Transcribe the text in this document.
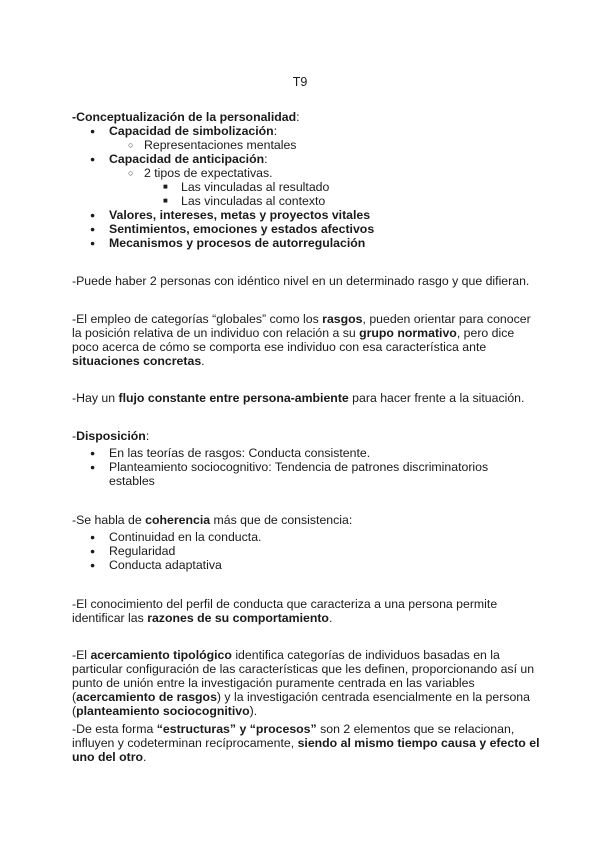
T9
-Conceptualización de la personalidad:
● Capacidad de simbolización:
○ Representaciones mentales
● Capacidad de anticipación:
○ 2 tipos de expectativas.
■ Las vinculadas al resultado
■ Las vinculadas al contexto
● Valores, intereses, metas y proyectos vitales
● Sentimientos, emociones y estados afectivos
● Mecanismos y procesos de autorregulación
-Puede haber 2 personas con idéntico nivel en un determinado rasgo y que difieran.
-El empleo de categorías “globales” como los rasgos, pueden orientar para conocer la posición relativa de un individuo con relación a su grupo normativo, pero dice poco acerca de cómo se comporta ese individuo con esa característica ante situaciones concretas.
-Hay un flujo constante entre persona-ambiente para hacer frente a la situación.
-Disposición:
● En las teorías de rasgos: Conducta consistente.
● Planteamiento sociocognitivo: Tendencia de patrones discriminatorios estables
-Se habla de coherencia más que de consistencia:
● Continuidad en la conducta.
● Regularidad
● Conducta adaptativa
-El conocimiento del perfil de conducta que caracteriza a una persona permite identificar las razones de su comportamiento.
-El acercamiento tipológico identifica categorías de individuos basadas en la particular configuración de las características que les definen, proporcionando así un punto de unión entre la investigación puramente centrada en las variables (acercamiento de rasgos) y la investigación centrada esencialmente en la persona (planteamiento sociocognitivo).
-De esta forma “estructuras” y “procesos” son 2 elementos que se relacionan, influyen y codeterminan recíprocamente, siendo al mismo tiempo causa y efecto el uno del otro.
